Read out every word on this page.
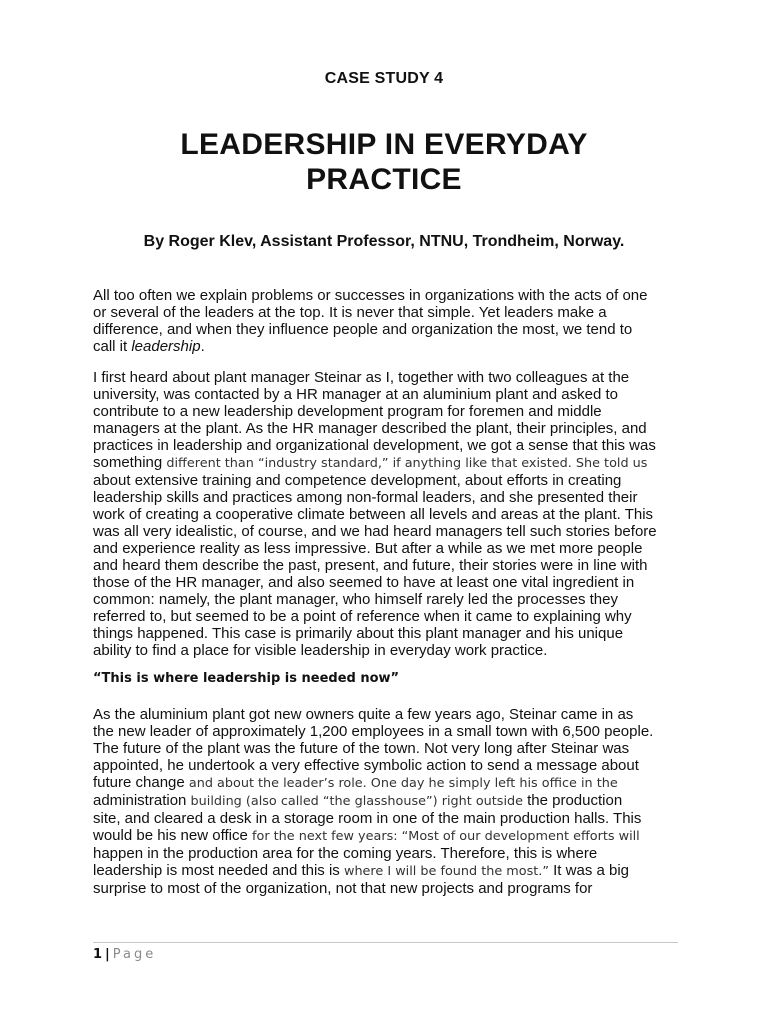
CASE STUDY 4
LEADERSHIP IN EVERYDAY
PRACTICE
By Roger Klev, Assistant Professor, NTNU, Trondheim, Norway.
All too often we explain problems or successes in organizations with the acts of one
or several of the leaders at the top. It is never that simple. Yet leaders make a
difference, and when they influence people and organization the most, we tend to
call it leadership.
I first heard about plant manager Steinar as I, together with two colleagues at the
university, was contacted by a HR manager at an aluminium plant and asked to
contribute to a new leadership development program for foremen and middle
managers at the plant. As the HR manager described the plant, their principles, and
practices in leadership and organizational development, we got a sense that this was
something different than “industry standard,” if anything like that existed. She told us
about extensive training and competence development, about efforts in creating
leadership skills and practices among non-formal leaders, and she presented their
work of creating a cooperative climate between all levels and areas at the plant. This
was all very idealistic, of course, and we had heard managers tell such stories before
and experience reality as less impressive. But after a while as we met more people
and heard them describe the past, present, and future, their stories were in line with
those of the HR manager, and also seemed to have at least one vital ingredient in
common: namely, the plant manager, who himself rarely led the processes they
referred to, but seemed to be a point of reference when it came to explaining why
things happened. This case is primarily about this plant manager and his unique
ability to find a place for visible leadership in everyday work practice.
“This is where leadership is needed now”
As the aluminium plant got new owners quite a few years ago, Steinar came in as
the new leader of approximately 1,200 employees in a small town with 6,500 people.
The future of the plant was the future of the town. Not very long after Steinar was
appointed, he undertook a very effective symbolic action to send a message about
future change and about the leader’s role. One day he simply left his office in the
administration building (also called “the glasshouse”) right outside the production
site, and cleared a desk in a storage room in one of the main production halls. This
would be his new office for the next few years: “Most of our development efforts will
happen in the production area for the coming years. Therefore, this is where
leadership is most needed and this is where I will be found the most.” It was a big
surprise to most of the organization, not that new projects and programs for
1 | Page
